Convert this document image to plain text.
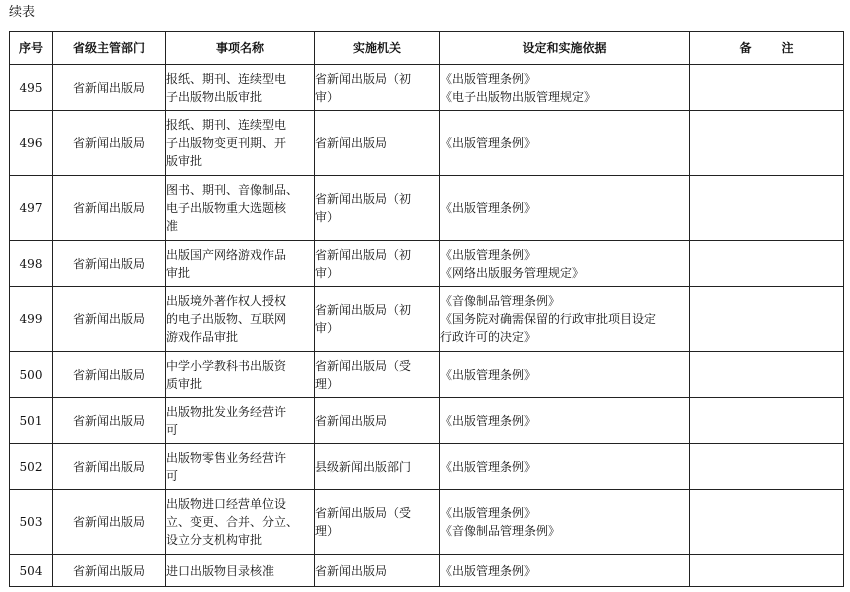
续表
序号	省级主管部门	事项名称	实施机关	设定和实施依据	备注
495	省新闻出版局	报纸、期刊、连续型电
子出版物出版审批	省新闻出版局（初
审）	《出版管理条例》
《电子出版物出版管理规定》	

496	省新闻出版局	报纸、期刊、连续型电
子出版物变更刊期、开
版审批	省新闻出版局	《出版管理条例》	

497	省新闻出版局	图书、期刊、音像制品、
电子出版物重大选题核
准	省新闻出版局（初
审）	《出版管理条例》	

498	省新闻出版局	出版国产网络游戏作品
审批	省新闻出版局（初
审）	《出版管理条例》
《网络出版服务管理规定》	

499	省新闻出版局	出版境外著作权人授权
的电子出版物、互联网
游戏作品审批	省新闻出版局（初
审）	《音像制品管理条例》
《国务院对确需保留的行政审批项目设定
行政许可的决定》	

500	省新闻出版局	中学小学教科书出版资
质审批	省新闻出版局（受
理）	《出版管理条例》	

501	省新闻出版局	出版物批发业务经营许
可	省新闻出版局	《出版管理条例》	

502	省新闻出版局	出版物零售业务经营许
可	县级新闻出版部门	《出版管理条例》	

503	省新闻出版局	出版物进口经营单位设
立、变更、合并、分立、
设立分支机构审批	省新闻出版局（受
理）	《出版管理条例》
《音像制品管理条例》	

504	省新闻出版局	进口出版物目录核准	省新闻出版局	《出版管理条例》	
